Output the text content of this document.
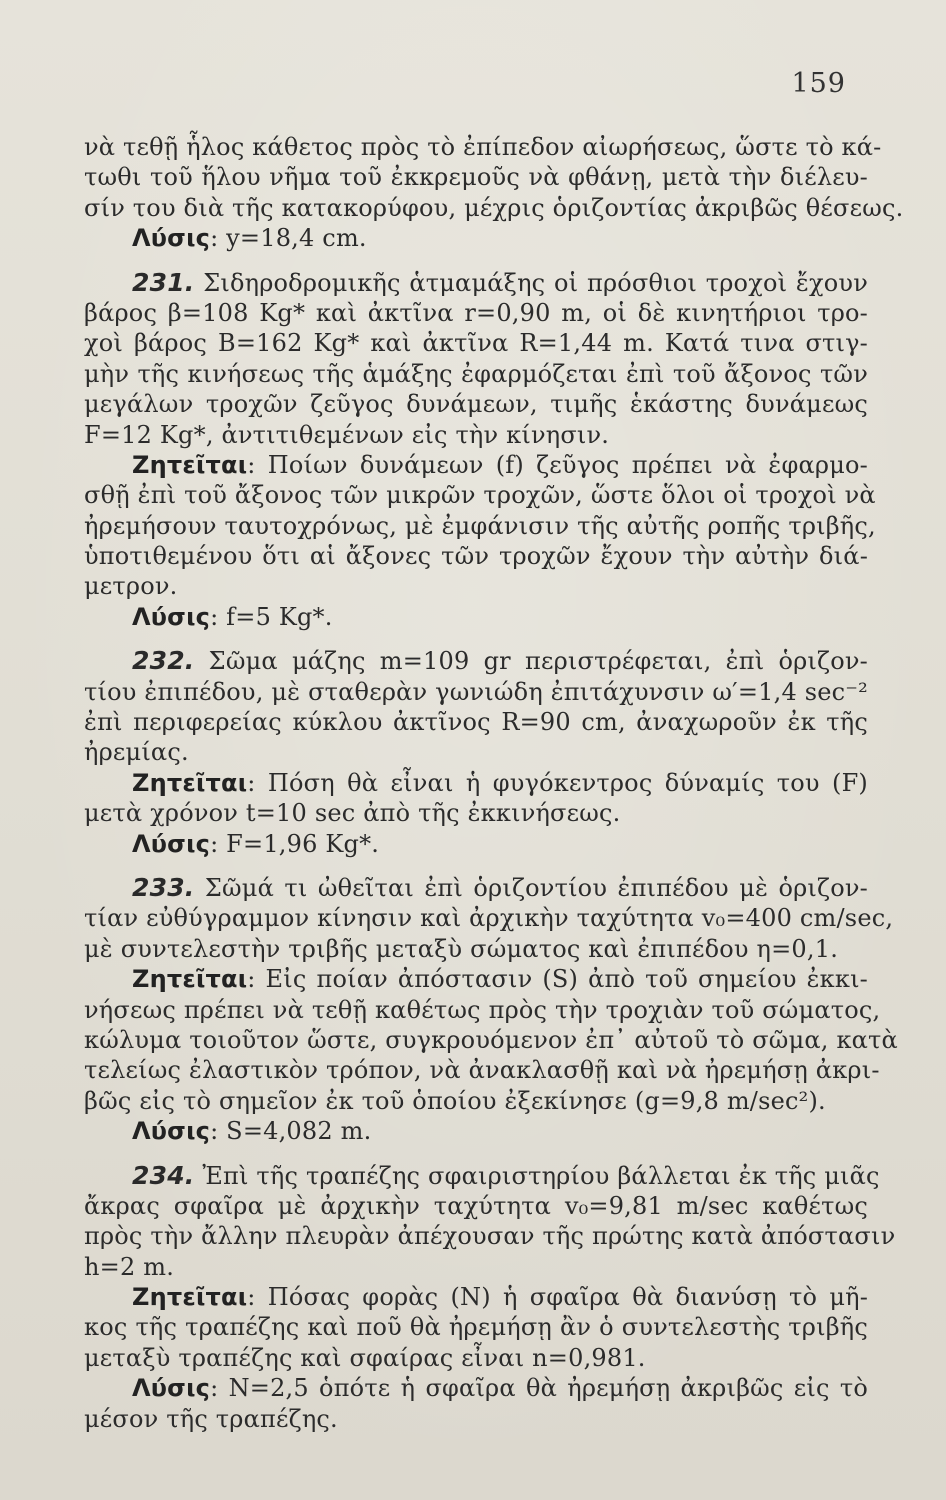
159
νὰ τεθῇ ἧλος κάθετος πρὸς τὸ ἐπίπεδον αἰωρήσεως, ὥστε τὸ κά-
τωθι τοῦ ἥλου νῆμα τοῦ ἐκκρεμοῦς νὰ φθάνῃ, μετὰ τὴν διέλευ-
σίν του διὰ τῆς κατακορύφου, μέχρις ὁριζοντίας ἀκριβῶς θέσεως.
Λύσις: y=18,4 cm.
231. Σιδηροδρομικῆς ἁτμαμάξης οἱ πρόσθιοι τροχοὶ ἔχουν
βάρος β=108 Kg* καὶ ἀκτῖνα r=0,90 m, οἱ δὲ κινητήριοι τρο-
χοὶ βάρος B=162 Kg* καὶ ἀκτῖνα R=1,44 m. Κατά τινα στιγ-
μὴν τῆς κινήσεως τῆς ἁμάξης ἐφαρμόζεται ἐπὶ τοῦ ἄξονος τῶν
μεγάλων τροχῶν ζεῦγος δυνάμεων, τιμῆς ἑκάστης δυνάμεως
F=12 Kg*, ἀντιτιθεμένων εἰς τὴν κίνησιν.
Ζητεῖται: Ποίων δυνάμεων (f) ζεῦγος πρέπει νὰ ἐφαρμο-
σθῇ ἐπὶ τοῦ ἄξονος τῶν μικρῶν τροχῶν, ὥστε ὅλοι οἱ τροχοὶ νὰ
ἠρεμήσουν ταυτοχρόνως, μὲ ἐμφάνισιν τῆς αὐτῆς ροπῆς τριβῆς,
ὑποτιθεμένου ὅτι αἱ ἄξονες τῶν τροχῶν ἔχουν τὴν αὐτὴν διά-
μετρον.
Λύσις: f=5 Kg*.
232. Σῶμα μάζης m=109 gr περιστρέφεται, ἐπὶ ὁριζον-
τίου ἐπιπέδου, μὲ σταθερὰν γωνιώδη ἐπιτάχυνσιν ω′=1,4 sec⁻²
ἐπὶ περιφερείας κύκλου ἀκτῖνος R=90 cm, ἀναχωροῦν ἐκ τῆς
ἠρεμίας.
Ζητεῖται: Πόση θὰ εἶναι ἡ φυγόκεντρος δύναμίς του (F)
μετὰ χρόνον t=10 sec ἀπὸ τῆς ἐκκινήσεως.
Λύσις: F=1,96 Kg*.
233. Σῶμά τι ὠθεῖται ἐπὶ ὁριζοντίου ἐπιπέδου μὲ ὁριζον-
τίαν εὐθύγραμμον κίνησιν καὶ ἀρχικὴν ταχύτητα v₀=400 cm/sec,
μὲ συντελεστὴν τριβῆς μεταξὺ σώματος καὶ ἐπιπέδου η=0,1.
Ζητεῖται: Εἰς ποίαν ἀπόστασιν (S) ἀπὸ τοῦ σημείου ἐκκι-
νήσεως πρέπει νὰ τεθῇ καθέτως πρὸς τὴν τροχιὰν τοῦ σώματος,
κώλυμα τοιοῦτον ὥστε, συγκρουόμενον ἐπ᾽ αὐτοῦ τὸ σῶμα, κατὰ
τελείως ἐλαστικὸν τρόπον, νὰ ἀνακλασθῇ καὶ νὰ ἠρεμήσῃ ἀκρι-
βῶς εἰς τὸ σημεῖον ἐκ τοῦ ὁποίου ἐξεκίνησε (g=9,8 m/sec²).
Λύσις: S=4,082 m.
234. Ἐπὶ τῆς τραπέζης σφαιριστηρίου βάλλεται ἐκ τῆς μιᾶς
ἄκρας σφαῖρα μὲ ἀρχικὴν ταχύτητα v₀=9,81 m/sec καθέτως
πρὸς τὴν ἄλλην πλευρὰν ἀπέχουσαν τῆς πρώτης κατὰ ἀπόστασιν
h=2 m.
Ζητεῖται: Πόσας φορὰς (N) ἡ σφαῖρα θὰ διανύσῃ τὸ μῆ-
κος τῆς τραπέζης καὶ ποῦ θὰ ἠρεμήσῃ ἂν ὁ συντελεστὴς τριβῆς
μεταξὺ τραπέζης καὶ σφαίρας εἶναι n=0,981.
Λύσις: N=2,5 ὁπότε ἡ σφαῖρα θὰ ἠρεμήσῃ ἀκριβῶς εἰς τὸ
μέσον τῆς τραπέζης.
